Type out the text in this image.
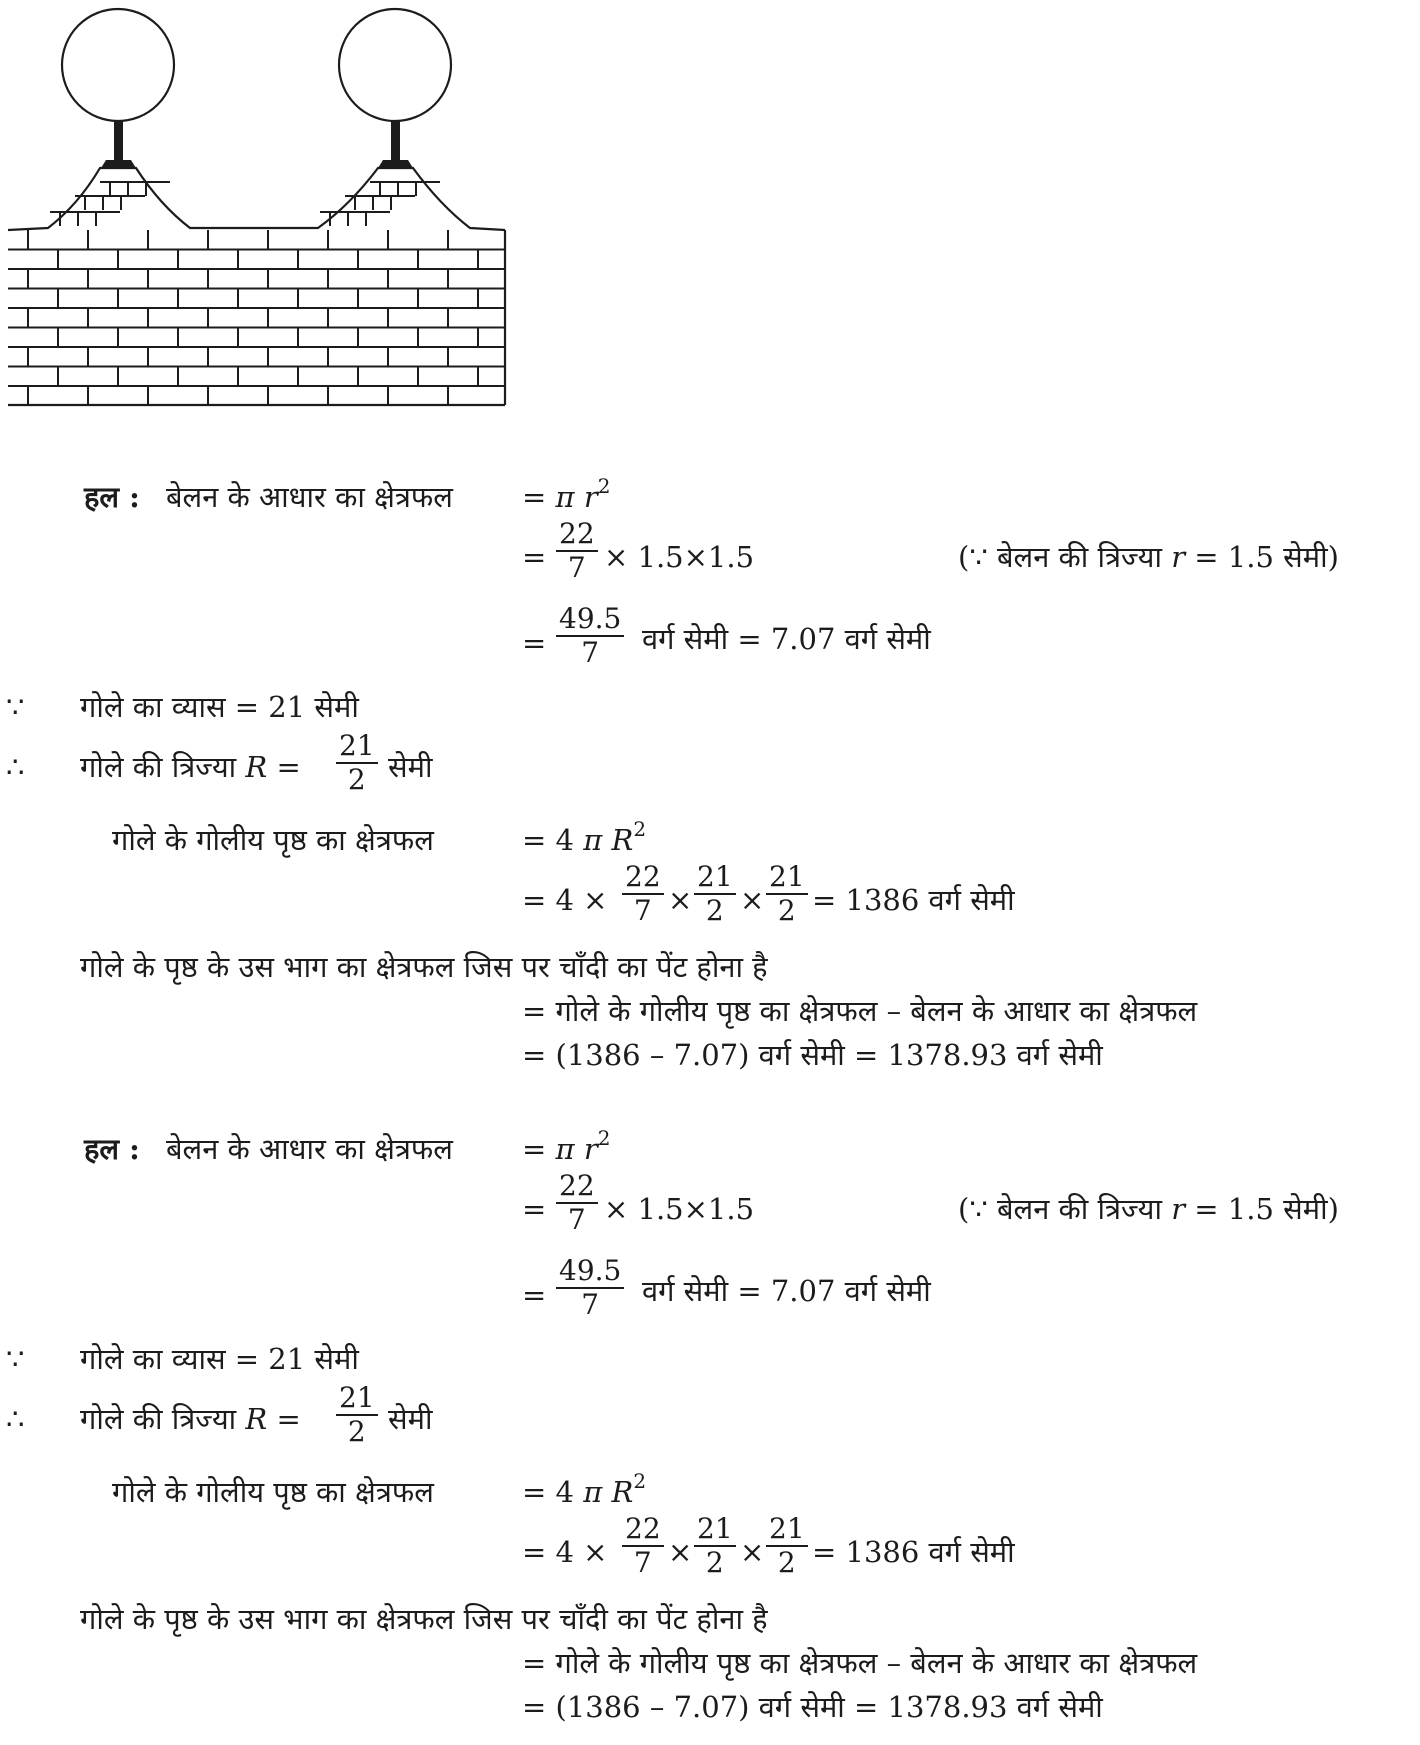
हल : बेलन के आधार का क्षेत्रफल = π $r^2$
= $\frac{22}{7} \times 1.5\times 1.5$	(∵ बेलन की त्रिज्या r = 1.5 सेमी)
= $\frac{49.5}{7}$ वर्ग सेमी = 7.07 वर्ग सेमी
∵ गोले का व्यास = 21 सेमी
∴ गोले की त्रिज्या $R = \frac{21}{2}$ सेमी
गोले के गोलीय पृष्ठ का क्षेत्रफल	= 4 π $R^2$
= $4 \times \frac{22}{7} \times \frac{21}{2} \times \frac{21}{2} = 1386$ वर्ग सेमी
गोले के पृष्ठ के उस भाग का क्षेत्रफल जिस पर चाँदी का पेंट होना है
= गोले के गोलीय पृष्ठ का क्षेत्रफल – बेलन के आधार का क्षेत्रफल
= (1386 – 7.07) वर्ग सेमी = 1378.93 वर्ग सेमी
हल : बेलन के आधार का क्षेत्रफल = π $r^2$
= $\frac{22}{7} \times 1.5\times 1.5$	(∵ बेलन की त्रिज्या r = 1.5 सेमी)
= $\frac{49.5}{7}$ वर्ग सेमी = 7.07 वर्ग सेमी
∵ गोले का व्यास = 21 सेमी
∴ गोले की त्रिज्या $R = \frac{21}{2}$ सेमी
गोले के गोलीय पृष्ठ का क्षेत्रफल	= 4 π $R^2$
= $4 \times \frac{22}{7} \times \frac{21}{2} \times \frac{21}{2} = 1386$ वर्ग सेमी
गोले के पृष्ठ के उस भाग का क्षेत्रफल जिस पर चाँदी का पेंट होना है
= गोले के गोलीय पृष्ठ का क्षेत्रफल – बेलन के आधार का क्षेत्रफल
= (1386 – 7.07) वर्ग सेमी = 1378.93 वर्ग सेमी
